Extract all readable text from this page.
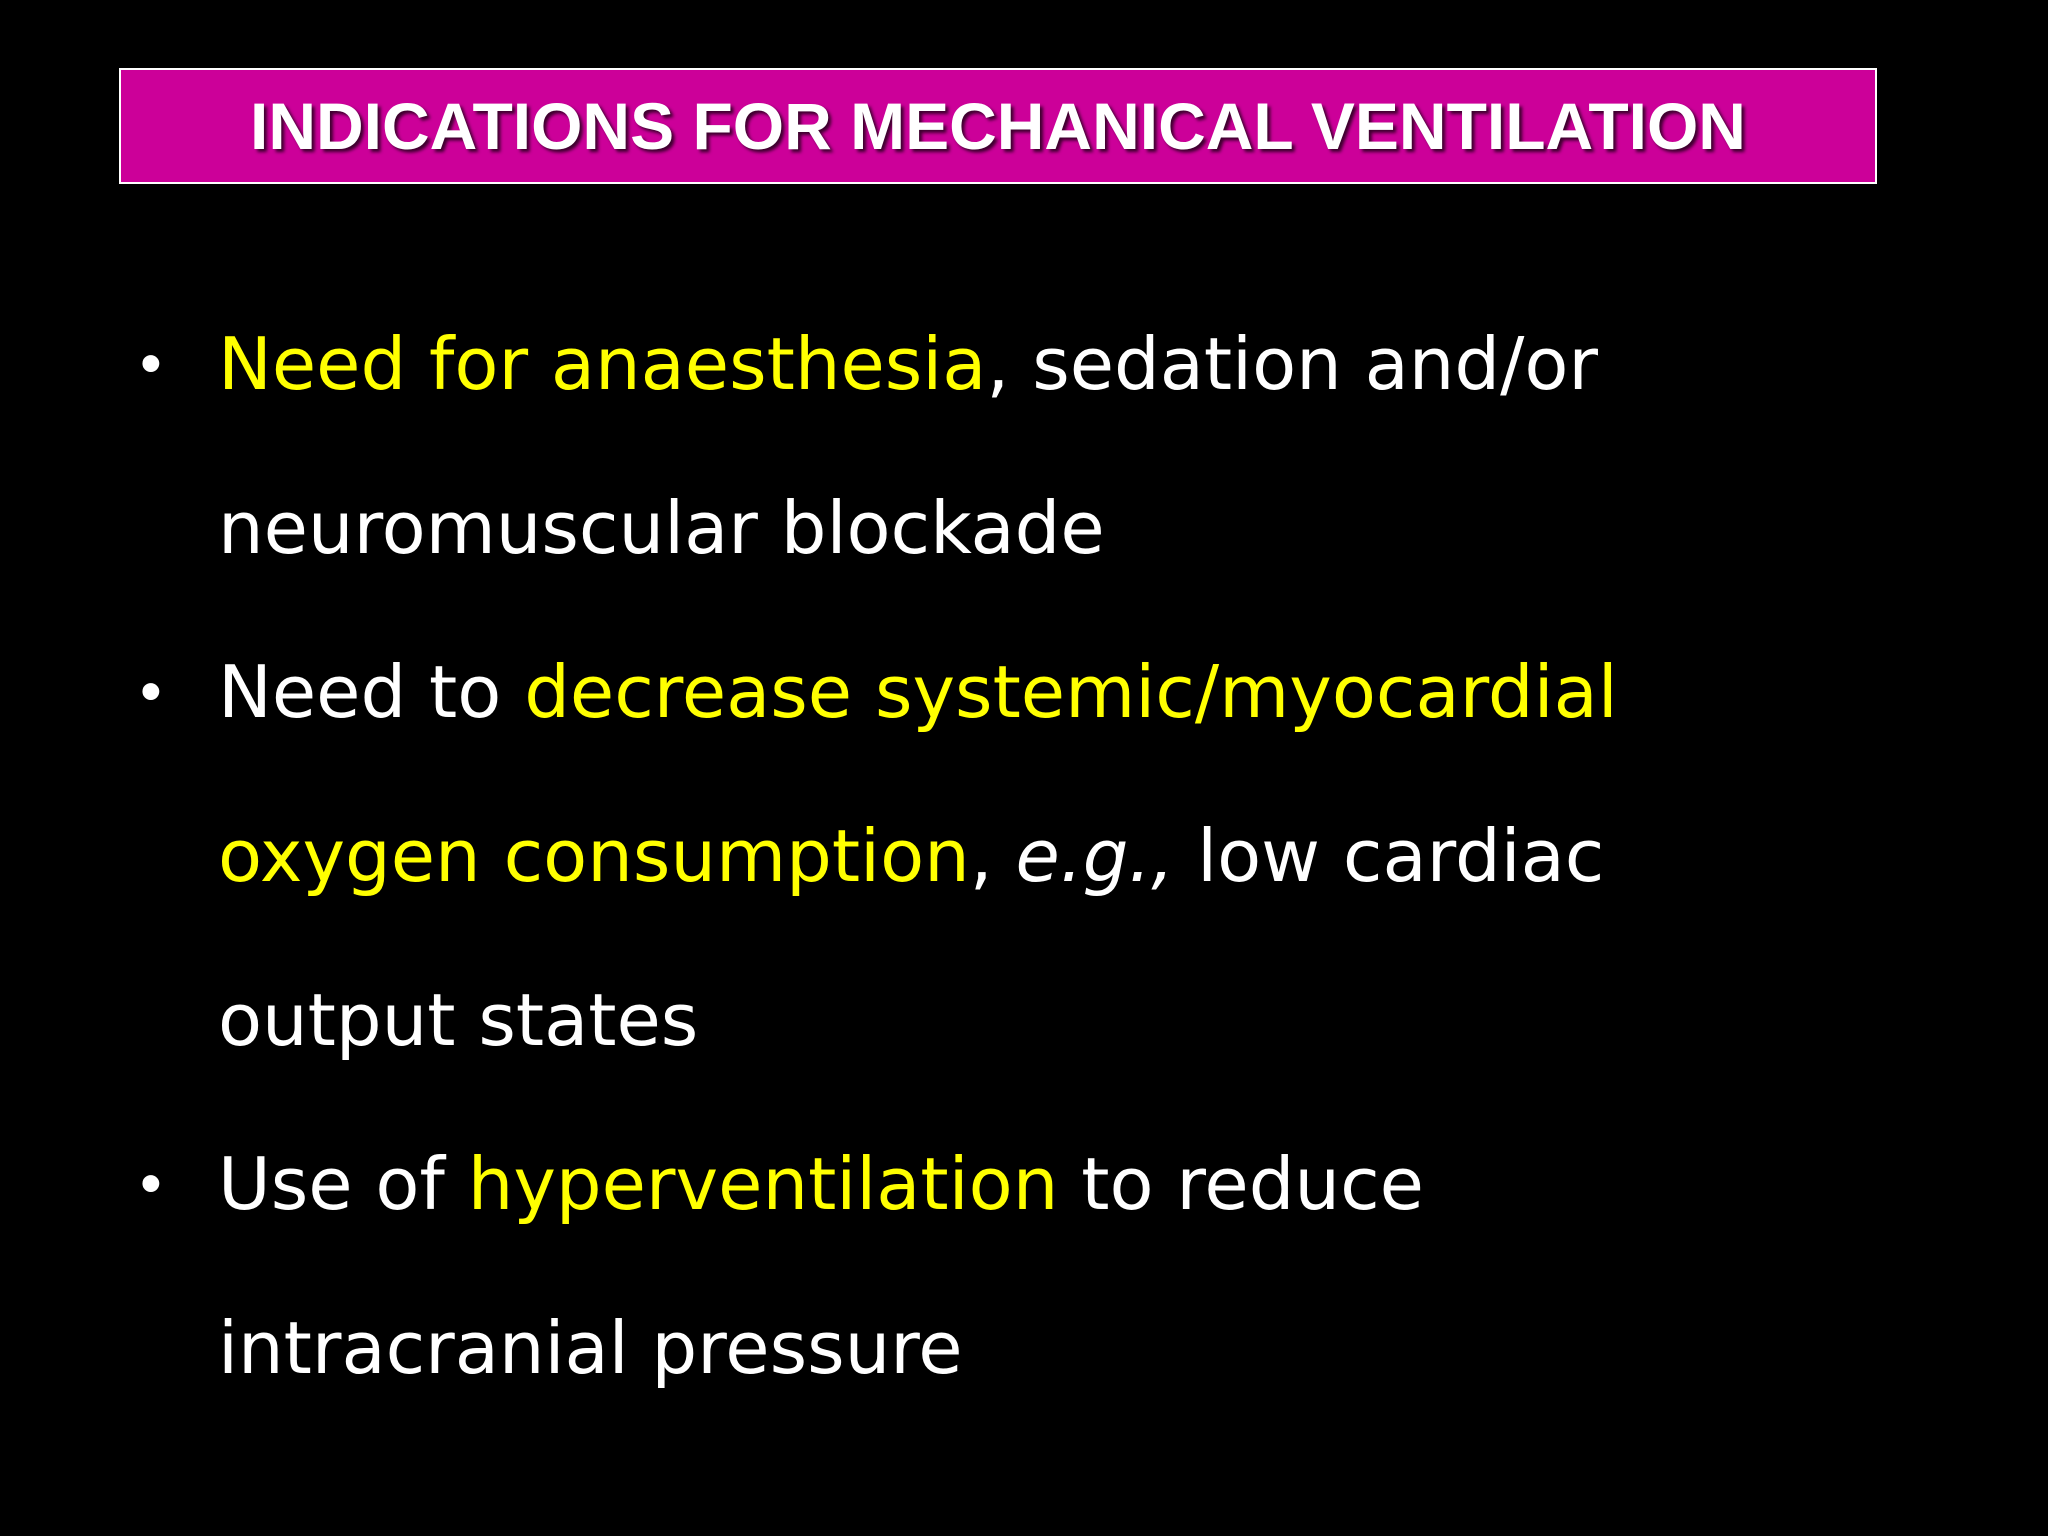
INDICATIONS FOR MECHANICAL VENTILATION
• Need for anaesthesia, sedation and/or
neuromuscular blockade
• Need to decrease systemic/myocardial
oxygen consumption, e.g., low cardiac
output states
• Use of hyperventilation to reduce
intracranial pressure
